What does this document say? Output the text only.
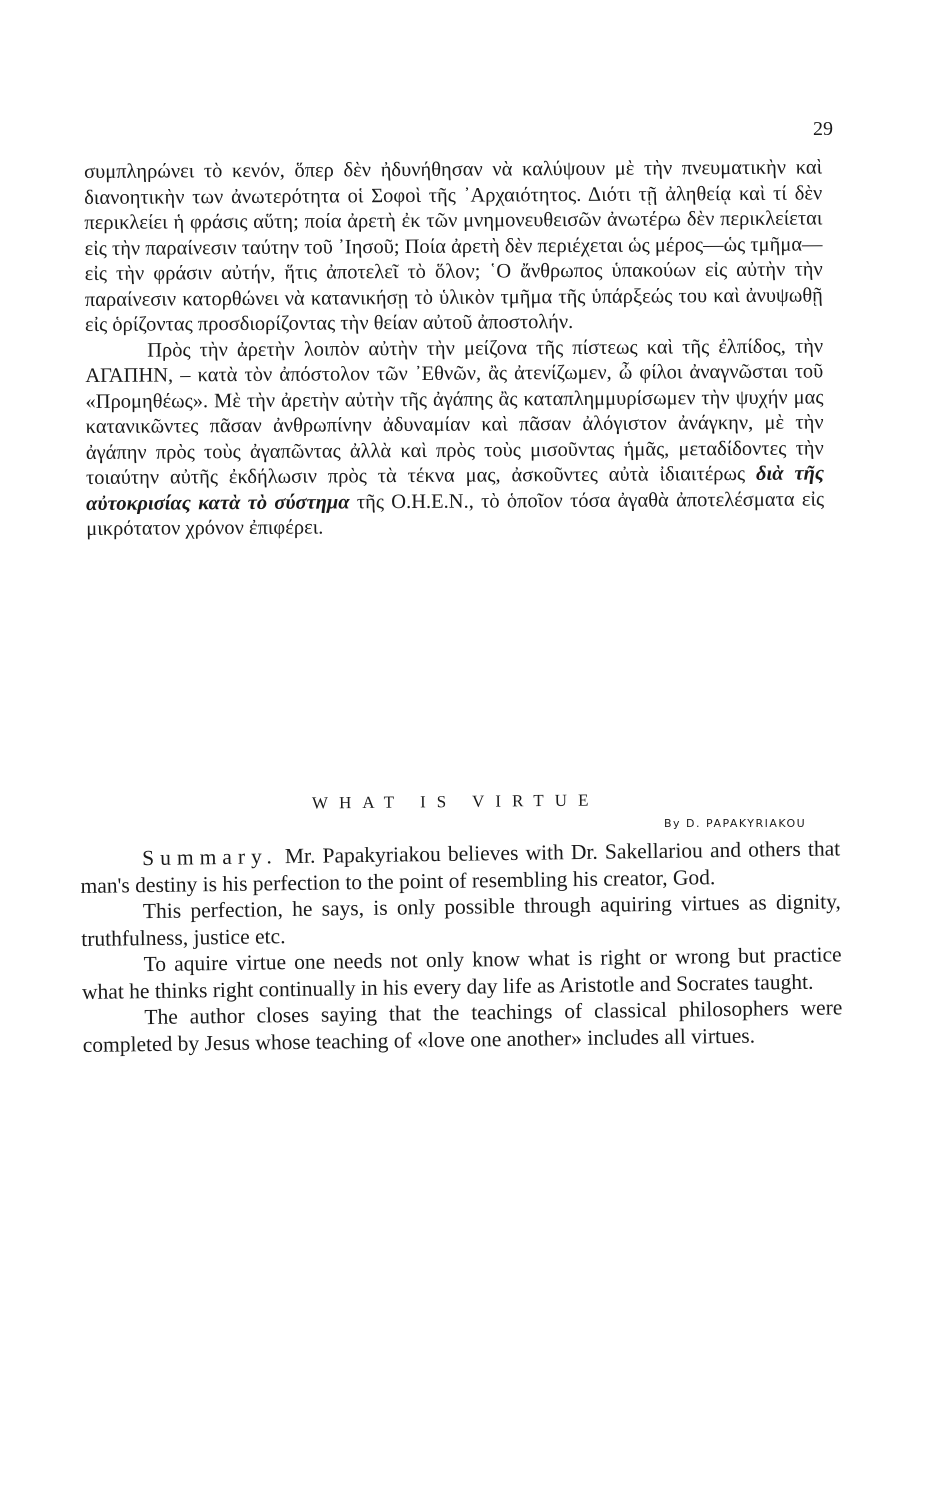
29

συμπληρώνει τὸ κενόν, ὅπερ δὲν ἠδυνήθησαν νὰ καλύψουν μὲ τὴν πνευματικὴν καὶ διανοητικὴν των ἀνωτερότητα οἱ Σοφοὶ τῆς ᾿Αρχαιότητος. Διότι τῇ ἀληθείᾳ καὶ τί δὲν περικλείει ἡ φράσις αὕτη; ποία ἀρετὴ ἐκ τῶν μνημονευθεισῶν ἀνωτέρω δὲν περικλείεται εἰς τὴν παραίνεσιν ταύτην τοῦ ᾿Ιησοῦ; Ποία ἀρετὴ δὲν περιέχεται ὡς μέρος—ὡς τμῆμα— εἰς τὴν φράσιν αὐτήν, ἥτις ἀποτελεῖ τὸ ὅλον; ῾Ο ἄνθρωπος ὑπακούων εἰς αὐτὴν τὴν παραίνεσιν κατορθώνει νὰ κατανικήσῃ τὸ ὑλικὸν τμῆμα τῆς ὑπάρξεώς του καὶ ἀνυψωθῇ εἰς ὁρίζοντας προσδιορίζοντας τὴν θείαν αὐτοῦ ἀποστολήν.

Πρὸς τὴν ἀρετὴν λοιπὸν αὐτὴν τὴν μείζονα τῆς πίστεως καὶ τῆς ἐλπίδος, τὴν ΑΓΑΠΗΝ, – κατὰ τὸν ἀπόστολον τῶν ᾿Εθνῶν, ἂς ἀτενίζωμεν, ὦ φίλοι ἀναγνῶσται τοῦ «Προμηθέως». Μὲ τὴν ἀρετὴν αὐτὴν τῆς ἀγάπης ἂς καταπλημμυρίσωμεν τὴν ψυχήν μας κατανικῶντες πᾶσαν ἀνθρωπίνην ἀδυναμίαν καὶ πᾶσαν ἀλόγιστον ἀνάγκην, μὲ τὴν ἀγάπην πρὸς τοὺς ἀγαπῶντας ἀλλὰ καὶ πρὸς τοὺς μισοῦντας ἡμᾶς, μεταδίδοντες τὴν τοιαύτην αὐτῆς ἐκδήλωσιν πρὸς τὰ τέκνα μας, ἀσκοῦντες αὐτὰ ἰδιαιτέρως διὰ τῆς αὐτοκρισίας κατὰ τὸ σύστημα τῆς Ο.Η.Ε.Ν., τὸ ὁποῖον τόσα ἀγαθὰ ἀποτελέσματα εἰς μικρότατον χρόνον ἐπιφέρει.

WHAT IS VIRTUE
By D. PAPAKYRIAKOU

Summary. Mr. Papakyriakou believes with Dr. Sakellariou and others that man's destiny is his perfection to the point of resembling his creator, God.

This perfection, he says, is only possible through aquiring virtues as dignity, truthfulness, justice etc.

To aquire virtue one needs not only know what is right or wrong but practice what he thinks right continually in his every day life as Aristotle and Socrates taught.

The author closes saying that the teachings of classical philosophers were completed by Jesus whose teaching of «love one another» includes all virtues.
